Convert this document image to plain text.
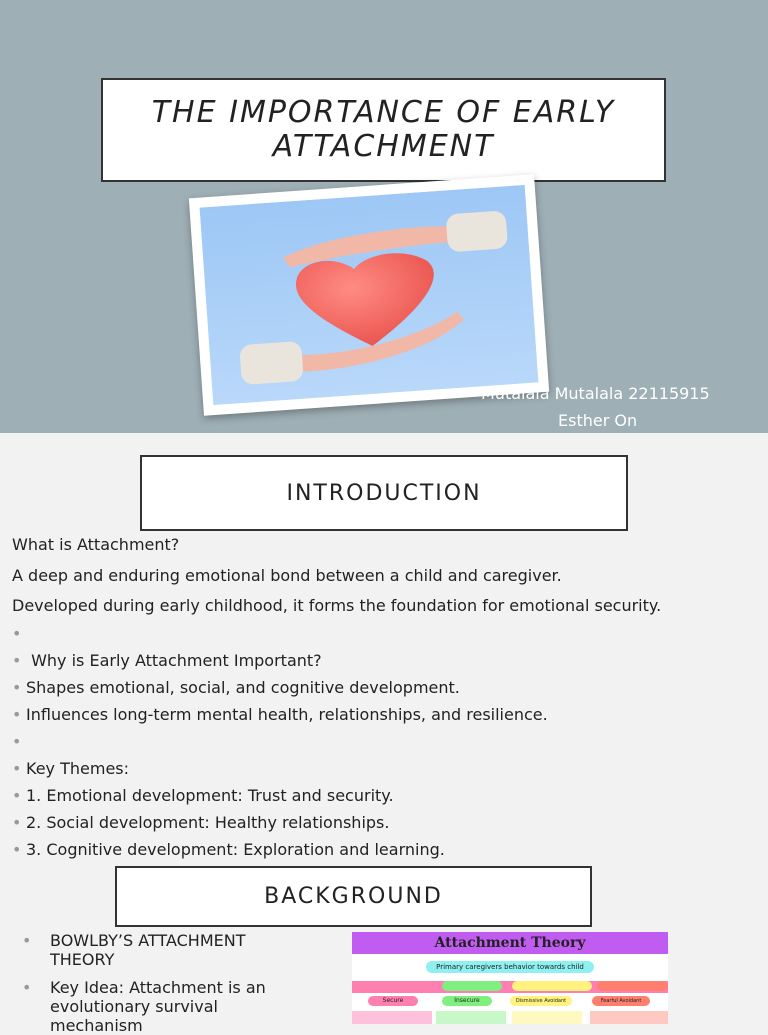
THE IMPORTANCE OF EARLY
ATTACHMENT
Mutalala Mutalala 22115915
Esther On
INTRODUCTION
What is Attachment?
A deep and enduring emotional bond between a child and caregiver.
Developed during early childhood, it forms the foundation for emotional security.
•
• Why is Early Attachment Important?
• Shapes emotional, social, and cognitive development.
• Influences long-term mental health, relationships, and resilience.
•
• Key Themes:
• 1. Emotional development: Trust and security.
• 2. Social development: Healthy relationships.
• 3. Cognitive development: Exploration and learning.
BACKGROUND
•	BOWLBY’S ATTACHMENT
THEORY
•	Key Idea: Attachment is an
evolutionary survival
mechanism
Attachment Theory
Primary caregivers behavior towards child
Secure	Insecure	Dismissive Avoidant	Fearful Avoidant
